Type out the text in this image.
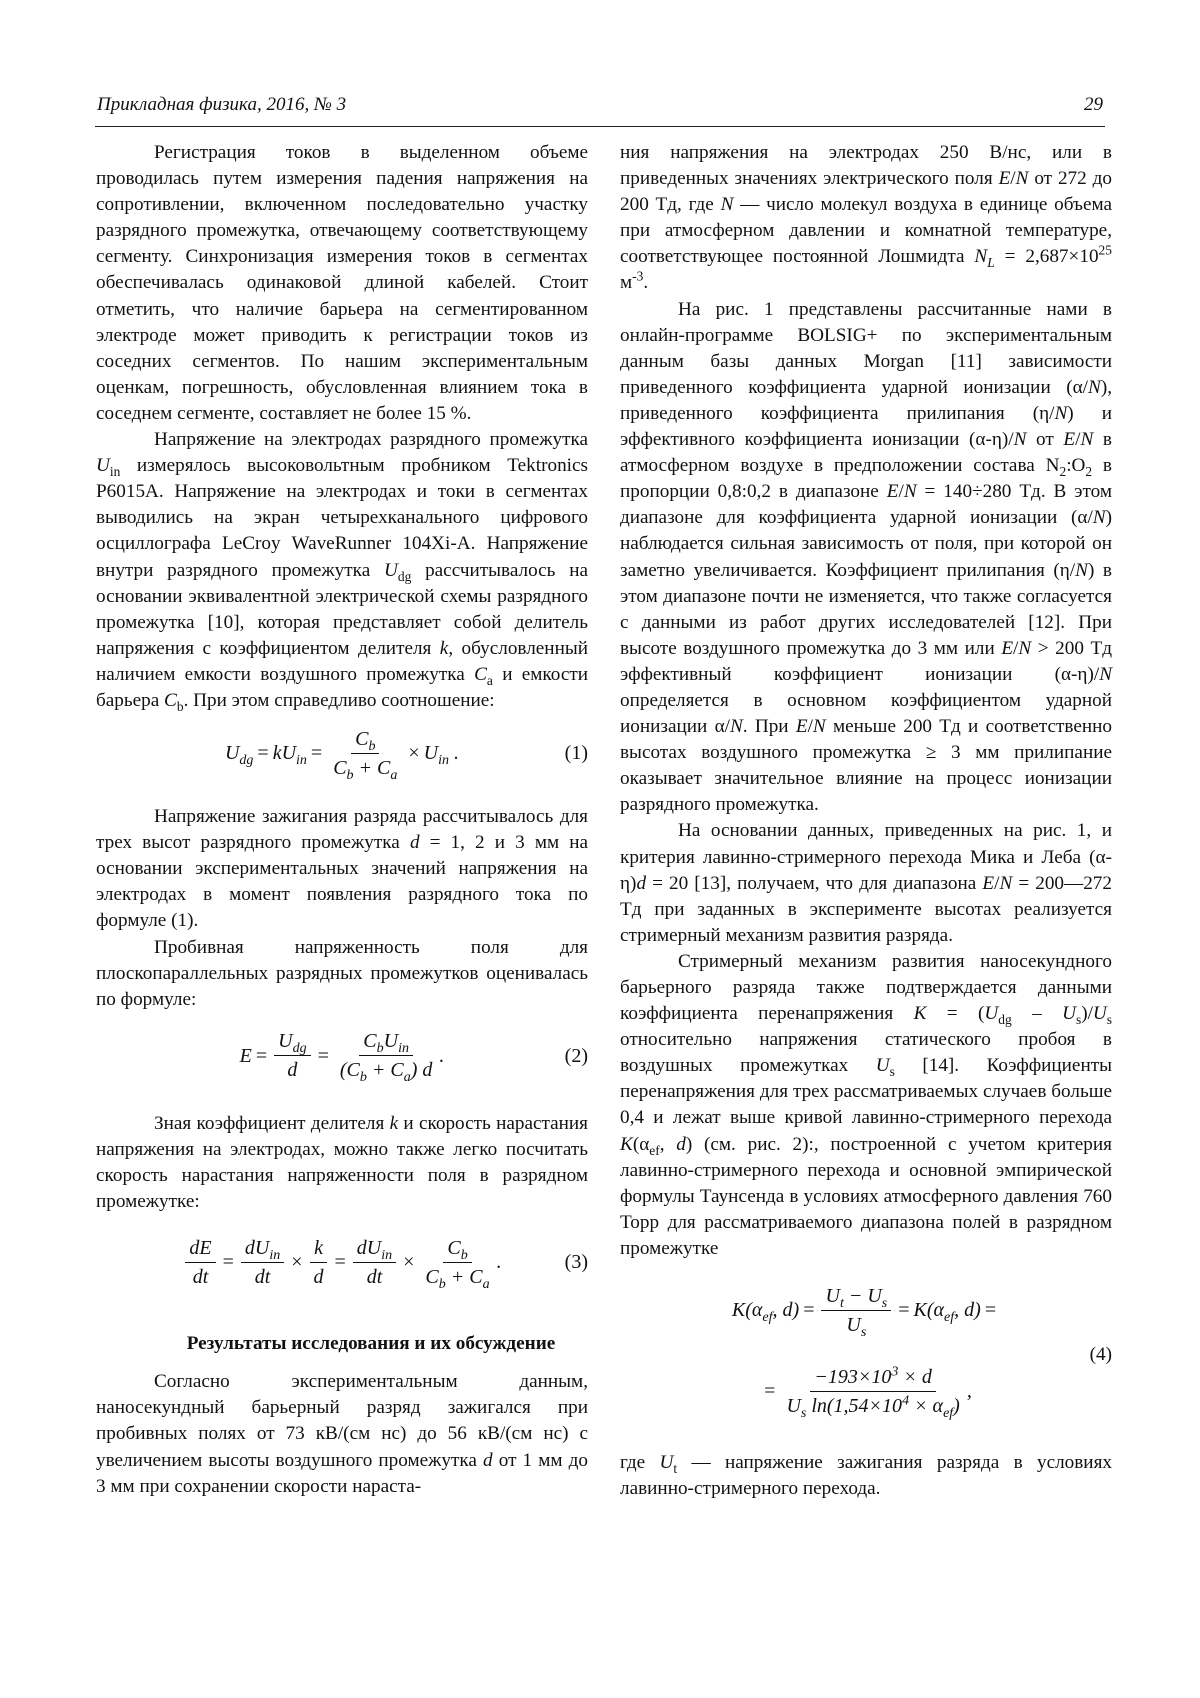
Прикладная физика, 2016, № 3	29

Регистрация токов в выделенном объеме проводилась путем измерения падения напряжения на сопротивлении, включенном последовательно участку разрядного промежутка, отвечающему соответствующему сегменту. Синхронизация измерения токов в сегментах обеспечивалась одинаковой длиной кабелей. Стоит отметить, что наличие барьера на сегментированном электроде может приводить к регистрации токов из соседних сегментов. По нашим экспериментальным оценкам, погрешность, обусловленная влиянием тока в соседнем сегменте, составляет не более 15 %.

Напряжение на электродах разрядного промежутка $U_{in}$ измерялось высоковольтным пробником Tektronics P6015A. Напряжение на электродах и токи в сегментах выводились на экран четырехканального цифрового осциллографа LeCroy WaveRunner 104Xi-A. Напряжение внутри разрядного промежутка $U_{dg}$ рассчитывалось на основании эквивалентной электрической схемы разрядного промежутка [10], которая представляет собой делитель напряжения с коэффициентом делителя k, обусловленный наличием емкости воздушного промежутка $C_a$ и емкости барьера $C_b$. При этом справедливо соотношение:

$U_{dg} = kU_{in} = \frac{C_b}{C_b + C_a} \times U_{in}$ .	(1)

Напряжение зажигания разряда рассчитывалось для трех высот разрядного промежутка d = 1, 2 и 3 мм на основании экспериментальных значений напряжения на электродах в момент появления разрядного тока по формуле (1).

Пробивная напряженность поля для плоскопараллельных разрядных промежутков оценивалась по формуле:

$E = \frac{U_{dg}}{d} = \frac{C_bU_{in}}{(C_b + C_a) d}$ .	(2)

Зная коэффициент делителя k и скорость нарастания напряжения на электродах, можно также легко посчитать скорость нарастания напряженности поля в разрядном промежутке:

$\frac{dE}{dt} = \frac{dU_{in}}{dt} \times \frac{k}{d} = \frac{dU_{in}}{dt} \times \frac{C_b}{C_b + C_a}$ .	(3)

Результаты исследования и их обсуждение

Согласно экспериментальным данным, наносекундный барьерный разряд зажигался при пробивных полях от 73 кВ/(см нс) до 56 кВ/(см нс) с увеличением высоты воздушного промежутка d от 1 мм до 3 мм при сохранении скорости нараста-

ния напряжения на электродах 250 В/нс, или в приведенных значениях электрического поля E/N от 272 до 200 Тд, где N — число молекул воздуха в единице объема при атмосферном давлении и комнатной температуре, соответствующее постоянной Лошмидта $N_L = 2,687\times 10^{25}$ $м^{-3}$.

На рис. 1 представлены рассчитанные нами в онлайн-программе BOLSIG+ по экспериментальным данным базы данных Morgan [11] зависимости приведенного коэффициента ударной ионизации (α/N), приведенного коэффициента прилипания (η/N) и эффективного коэффициента ионизации (α-η)/N от E/N в атмосферном воздухе в предположении состава $N_2:O_2$ в пропорции 0,8:0,2 в диапазоне E/N = 140÷280 Тд. В этом диапазоне для коэффициента ударной ионизации (α/N) наблюдается сильная зависимость от поля, при которой он заметно увеличивается. Коэффициент прилипания (η/N) в этом диапазоне почти не изменяется, что также согласуется с данными из работ других исследователей [12]. При высоте воздушного промежутка до 3 мм или E/N > 200 Тд эффективный коэффициент ионизации (α-η)/N определяется в основном коэффициентом ударной ионизации α/N. При E/N меньше 200 Тд и соответственно высотах воздушного промежутка ≥ 3 мм прилипание оказывает значительное влияние на процесс ионизации разрядного промежутка.

На основании данных, приведенных на рис. 1, и критерия лавинно-стримерного перехода Мика и Леба (α-η)d = 20 [13], получаем, что для диапазона E/N = 200—272 Тд при заданных в эксперименте высотах реализуется стримерный механизм развития разряда.

Стримерный механизм развития наносекундного барьерного разряда также подтверждается данными коэффициента перенапряжения $K = (U_{dg} - U_s)/U_s$ относительно напряжения статического пробоя в воздушных промежутках $U_s$ [14]. Коэффициенты перенапряжения для трех рассматриваемых случаев больше 0,4 и лежат выше кривой лавинно-стримерного перехода $K(\alpha_{ef}$, d) (см. рис. 2):, построенной с учетом критерия лавинно-стримерного перехода и основной эмпирической формулы Таунсенда в условиях атмосферного давления 760 Торр для рассматриваемого диапазона полей в разрядном промежутке

$K(\alpha_{ef}$, $d) = \frac{U_t - U_s}{U_s} = K(\alpha_{ef}$, d) =
= $\frac{-193\times 10^3 \times d}{U_s \ln(1,54\times 10^4 \times \alpha_{ef})}$ ,
(4)

где $U_t$ — напряжение зажигания разряда в условиях лавинно-стримерного перехода.
